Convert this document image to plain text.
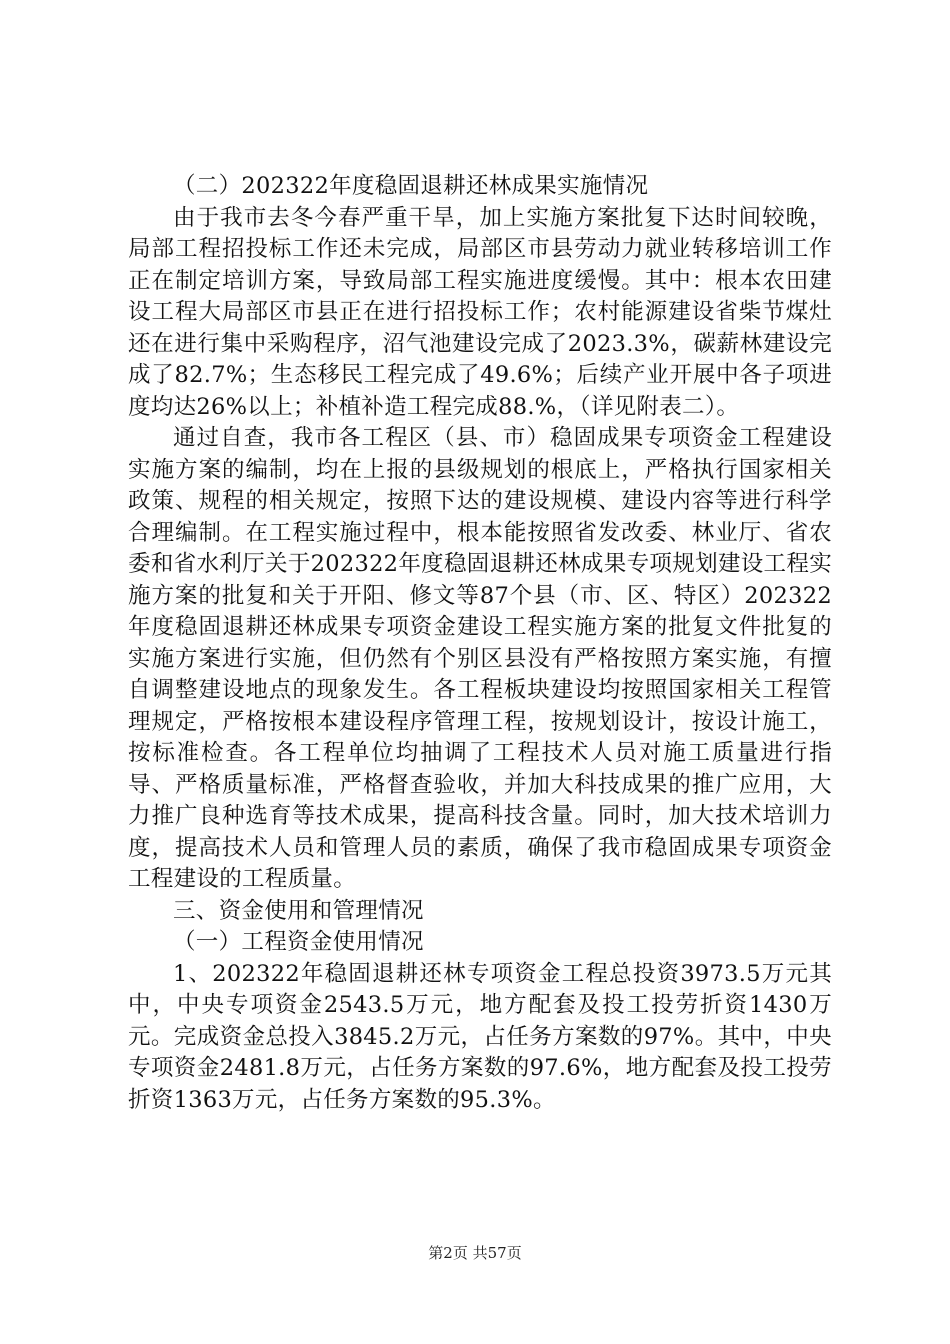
（二）202322年度稳固退耕还林成果实施情况

由于我市去冬今春严重干旱，加上实施方案批复下达时间较晚，局部工程招投标工作还未完成，局部区市县劳动力就业转移培训工作正在制定培训方案，导致局部工程实施进度缓慢。其中：根本农田建设工程大局部区市县正在进行招投标工作；农村能源建设省柴节煤灶还在进行集中采购程序，沼气池建设完成了2023.3%，碳薪林建设完成了82.7%；生态移民工程完成了49.6%；后续产业开展中各子项进度均达26%以上；补植补造工程完成88.%，（详见附表二）。

通过自查，我市各工程区（县、市）稳固成果专项资金工程建设实施方案的编制，均在上报的县级规划的根底上，严格执行国家相关政策、规程的相关规定，按照下达的建设规模、建设内容等进行科学合理编制。在工程实施过程中，根本能按照省发改委、林业厅、省农委和省水利厅关于202322年度稳固退耕还林成果专项规划建设工程实施方案的批复和关于开阳、修文等87个县（市、区、特区）202322年度稳固退耕还林成果专项资金建设工程实施方案的批复文件批复的实施方案进行实施，但仍然有个别区县没有严格按照方案实施，有擅自调整建设地点的现象发生。各工程板块建设均按照国家相关工程管理规定，严格按根本建设程序管理工程，按规划设计，按设计施工，按标准检查。各工程单位均抽调了工程技术人员对施工质量进行指导、严格质量标准，严格督查验收，并加大科技成果的推广应用，大力推广良种选育等技术成果，提高科技含量。同时，加大技术培训力度，提高技术人员和管理人员的素质，确保了我市稳固成果专项资金工程建设的工程质量。

三、资金使用和管理情况

（一）工程资金使用情况

1、202322年稳固退耕还林专项资金工程总投资3973.5万元其中，中央专项资金2543.5万元，地方配套及投工投劳折资1430万元。完成资金总投入3845.2万元，占任务方案数的97%。其中，中央专项资金2481.8万元，占任务方案数的97.6%，地方配套及投工投劳折资1363万元，占任务方案数的95.3%。

第2页 共57页
